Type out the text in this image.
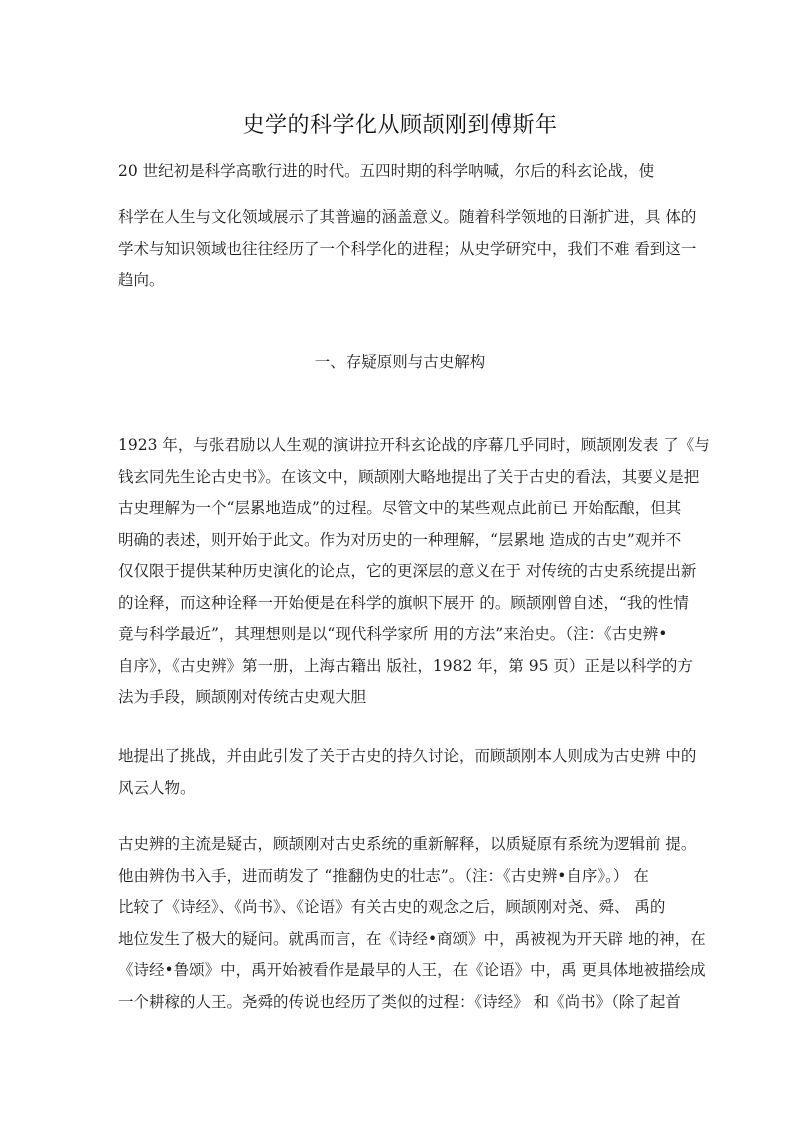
史学的科学化从顾颉刚到傅斯年
20 世纪初是科学高歌行进的时代。五四时期的科学呐喊，尔后的科玄论战，使
科学在人生与文化领域展示了其普遍的涵盖意义。随着科学领地的日渐扩进，具 体的
学术与知识领域也往往经历了一个科学化的进程；从史学研究中，我们不难 看到这一
趋向。
一、存疑原则与古史解构
1923 年，与张君励以人生观的演讲拉开科玄论战的序幕几乎同时，顾颉刚发表 了《与
钱玄同先生论古史书》。在该文中，顾颉刚大略地提出了关于古史的看法，其要义是把
古史理解为一个“层累地造成”的过程。尽管文中的某些观点此前已 开始酝酿，但其
明确的表述，则开始于此文。作为对历史的一种理解，“层累地 造成的古史”观并不
仅仅限于提供某种历史演化的论点，它的更深层的意义在于 对传统的古史系统提出新
的诠释，而这种诠释一开始便是在科学的旗帜下展开 的。顾颉刚曾自述，“我的性情
竟与科学最近”，其理想则是以“现代科学家所 用的方法”来治史。（注：《古史辨•
自序》，《古史辨》第一册，上海古籍出 版社，1982 年，第 95 页）正是以科学的方
法为手段，顾颉刚对传统古史观大胆
地提出了挑战，并由此引发了关于古史的持久讨论，而顾颉刚本人则成为古史辨 中的
风云人物。
古史辨的主流是疑古，顾颉刚对古史系统的重新解释，以质疑原有系统为逻辑前 提。
他由辨伪书入手，进而萌发了 “推翻伪史的壮志”。（注：《古史辨•自序》。） 在
比较了《诗经》、《尚书》、《论语》有关古史的观念之后，顾颉刚对尧、舜、 禹的
地位发生了极大的疑问。就禹而言，在《诗经•商颂》中，禹被视为开天辟 地的神，在
《诗经•鲁颂》中，禹开始被看作是最早的人王，在《论语》中，禹 更具体地被描绘成
一个耕稼的人王。尧舜的传说也经历了类似的过程：《诗经》 和《尚书》（除了起首
